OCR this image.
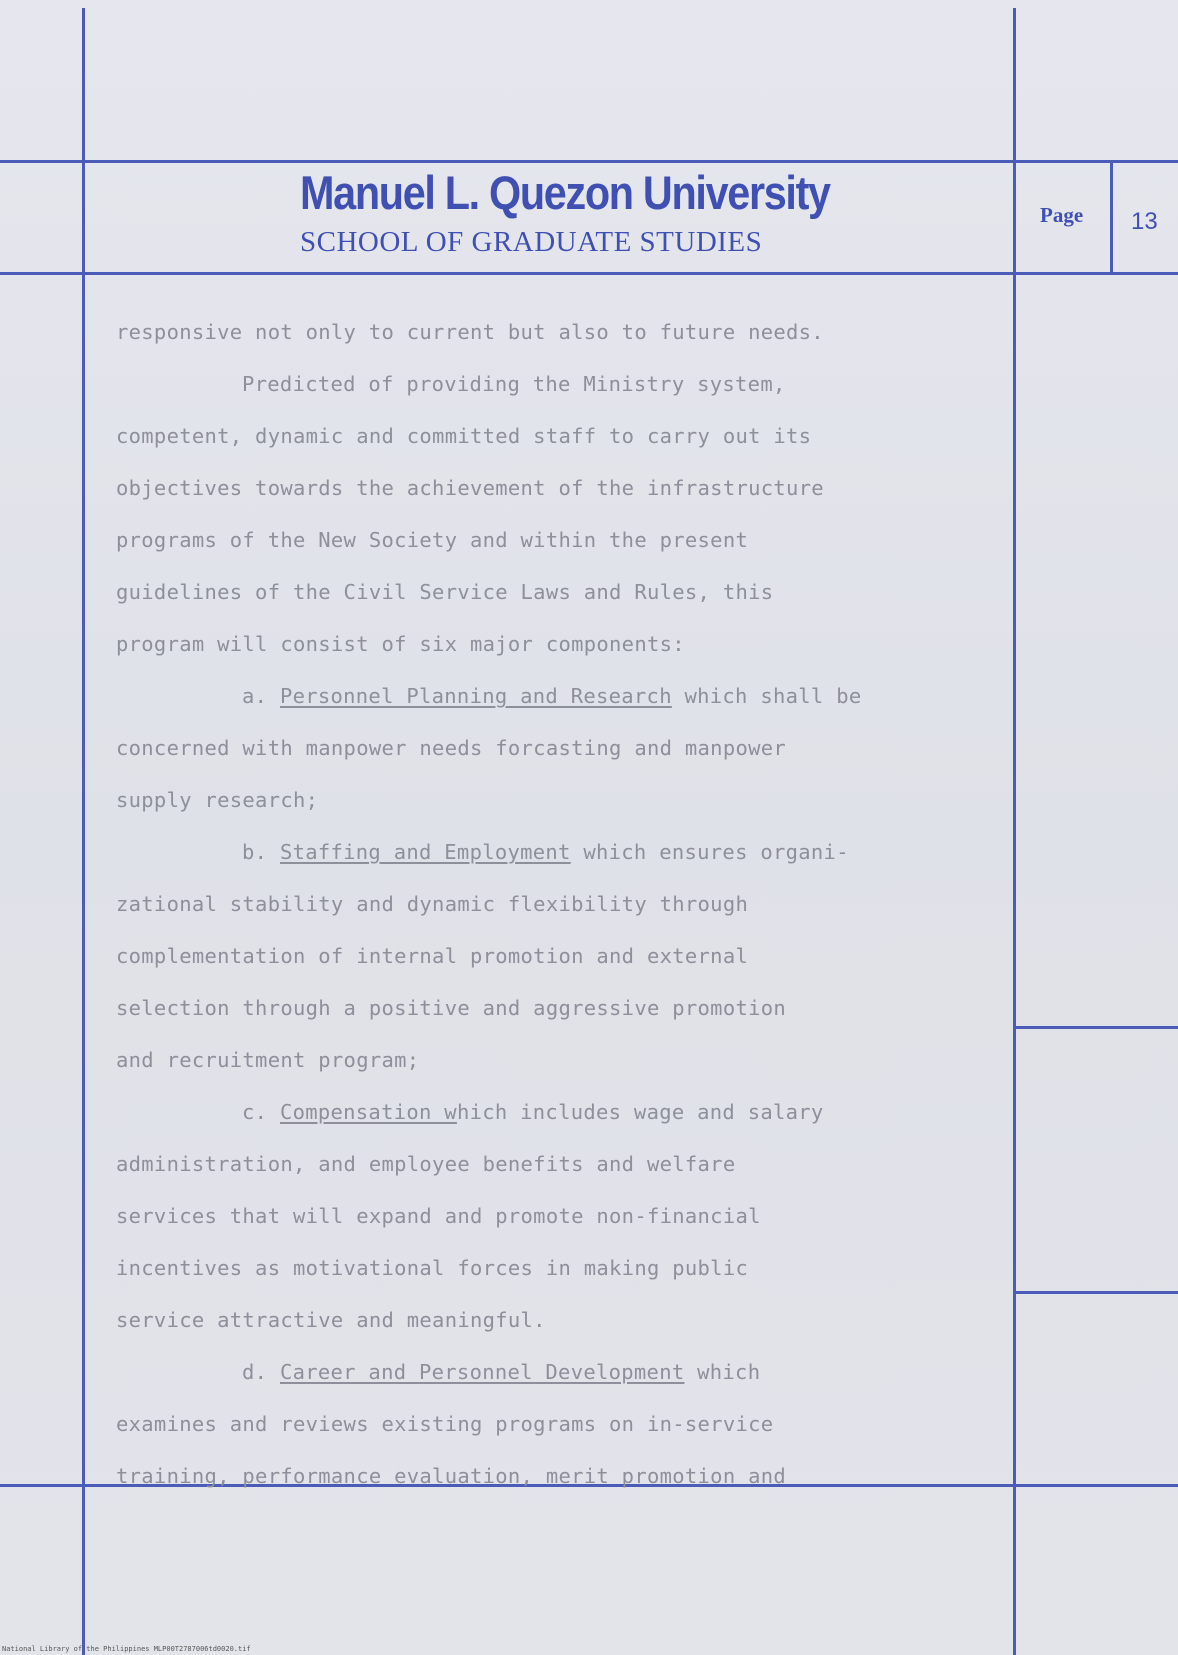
Manuel L. Quezon University
SCHOOL OF GRADUATE STUDIES
Page 13
responsive not only to current but also to future needs.
Predicted of providing the Ministry system,
competent, dynamic and committed staff to carry out its
objectives towards the achievement of the infrastructure
programs of the New Society and within the present
guidelines of the Civil Service Laws and Rules, this
program will consist of six major components:
a. Personnel Planning and Research which shall be
concerned with manpower needs forcasting and manpower
supply research;
b. Staffing and Employment which ensures organi-
zational stability and dynamic flexibility through
complementation of internal promotion and external
selection through a positive and aggressive promotion
and recruitment program;
c. Compensation which includes wage and salary
administration, and employee benefits and welfare
services that will expand and promote non-financial
incentives as motivational forces in making public
service attractive and meaningful.
d. Career and Personnel Development which
examines and reviews existing programs on in-service
training, performance evaluation, merit promotion and
National Library of the Philippines MLP00T2787006td0020.tif
